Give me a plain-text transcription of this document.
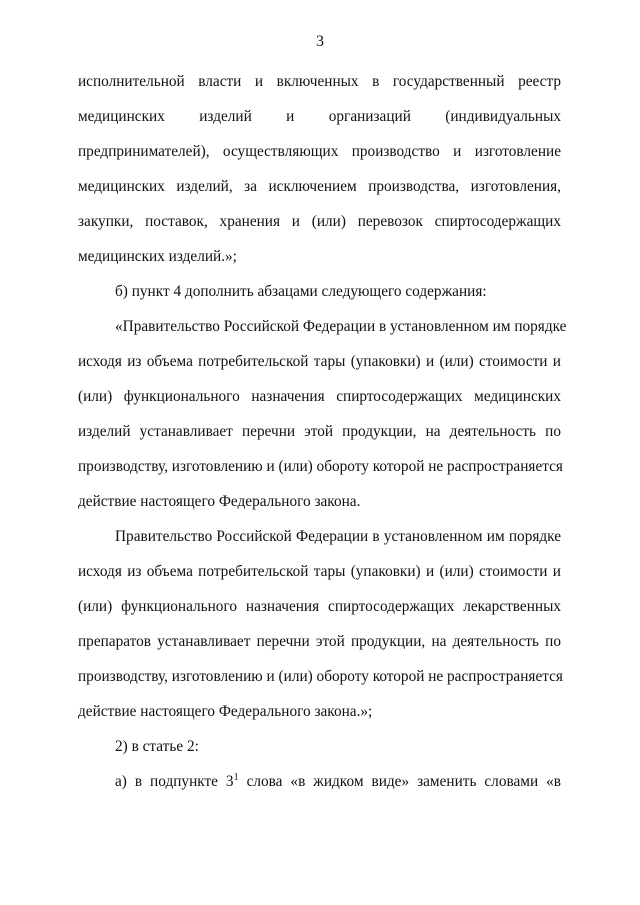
3
исполнительной власти и включенных в государственный реестр
медицинских изделий и организаций (индивидуальных
предпринимателей), осуществляющих производство и изготовление
медицинских изделий, за исключением производства, изготовления,
закупки, поставок, хранения и (или) перевозок спиртосодержащих
медицинских изделий.»;
б) пункт 4 дополнить абзацами следующего содержания:
«Правительство Российской Федерации в установленном им порядке
исходя из объема потребительской тары (упаковки) и (или) стоимости и
(или) функционального назначения спиртосодержащих медицинских
изделий устанавливает перечни этой продукции, на деятельность по
производству, изготовлению и (или) обороту которой не распространяется
действие настоящего Федерального закона.
Правительство Российской Федерации в установленном им порядке
исходя из объема потребительской тары (упаковки) и (или) стоимости и
(или) функционального назначения спиртосодержащих лекарственных
препаратов устанавливает перечни этой продукции, на деятельность по
производству, изготовлению и (или) обороту которой не распространяется
действие настоящего Федерального закона.»;
2) в статье 2:
а) в подпункте $3^1$ слова «в жидком виде» заменить словами «в
